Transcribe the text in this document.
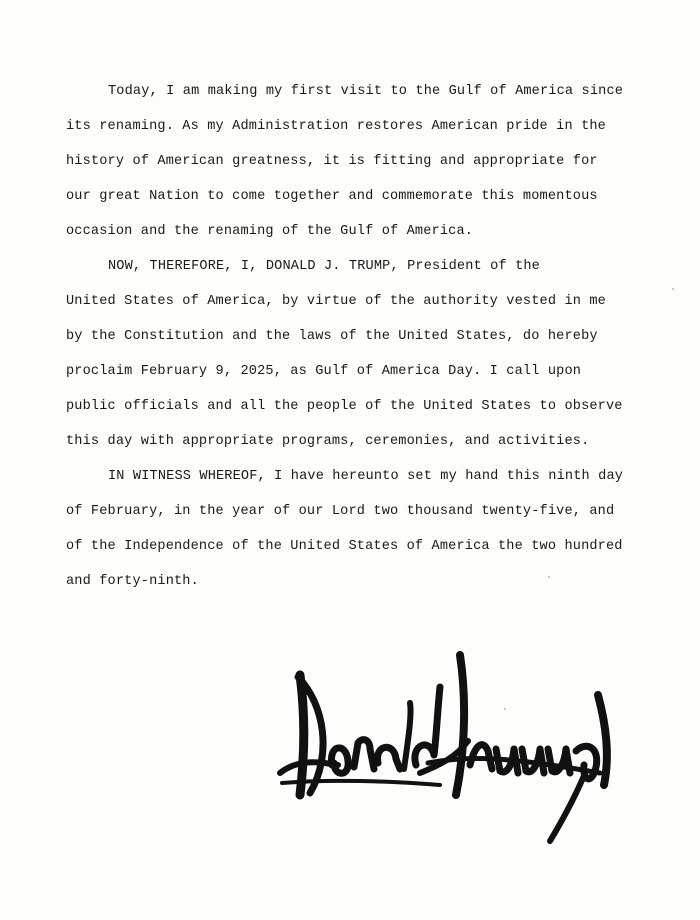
Today, I am making my first visit to the Gulf of America since
its renaming. As my Administration restores American pride in the
history of American greatness, it is fitting and appropriate for
our great Nation to come together and commemorate this momentous
occasion and the renaming of the Gulf of America.
NOW, THEREFORE, I, DONALD J. TRUMP, President of the
United States of America, by virtue of the authority vested in me
by the Constitution and the laws of the United States, do hereby
proclaim February 9, 2025, as Gulf of America Day. I call upon
public officials and all the people of the United States to observe
this day with appropriate programs, ceremonies, and activities.
IN WITNESS WHEREOF, I have hereunto set my hand this ninth day
of February, in the year of our Lord two thousand twenty-five, and
of the Independence of the United States of America the two hundred
and forty-ninth.
